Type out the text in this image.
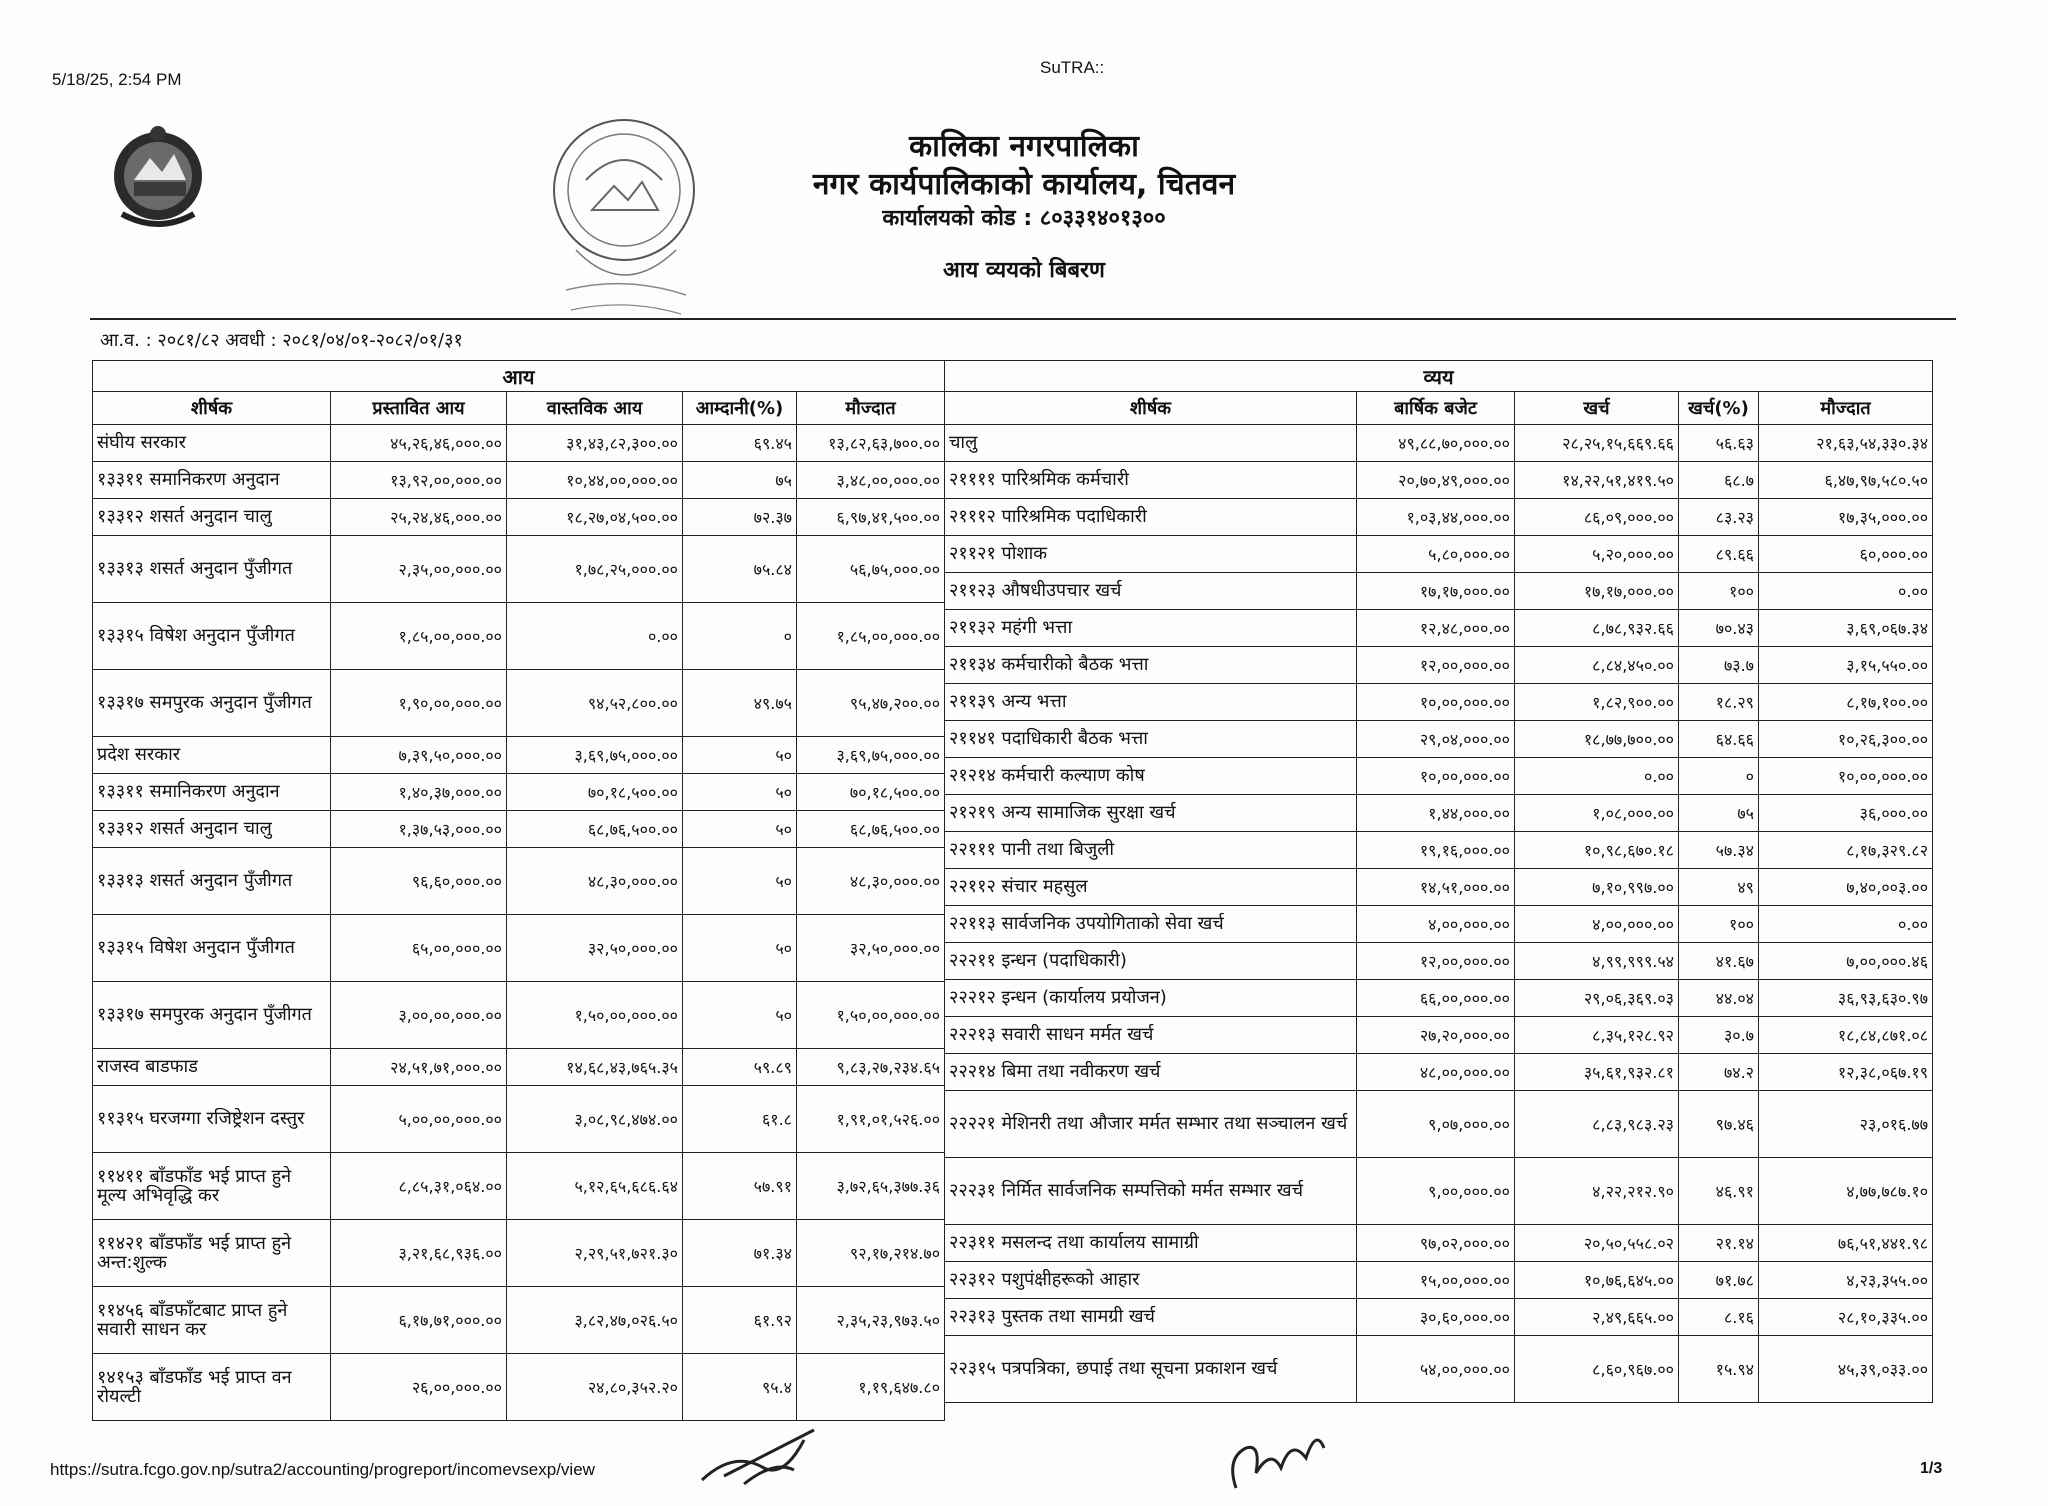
5/18/25, 2:54 PM
SuTRA::
कालिका नगरपालिका
नगर कार्यपालिकाको कार्यालय, चितवन
कार्यालयको कोड : ८०३३१४०१३००
आय व्ययको बिबरण
आ.व. : २०८१/८२ अवधी : २०८१/०४/०१-२०८२/०१/३१
आय				
शीर्षक	प्रस्तावित आय	वास्तविक आय	आम्दानी(%)	मौज्दात
संघीय सरकार	४५,२६,४६,०००.००	३१,४३,८२,३००.००	६९.४५	१३,८२,६३,७००.००
१३३११ समानिकरण अनुदान	१३,९२,००,०००.००	१०,४४,००,०००.००	७५	३,४८,००,०००.००
१३३१२ शसर्त अनुदान चालु	२५,२४,४६,०००.००	१८,२७,०४,५००.००	७२.३७	६,९७,४१,५००.००
१३३१३ शसर्त अनुदान पुँजीगत	२,३५,००,०००.००	१,७८,२५,०००.००	७५.८४	५६,७५,०००.००
१३३१५ विषेश अनुदान पुँजीगत	१,८५,००,०००.००	०.००	०	१,८५,००,०००.००
१३३१७ समपुरक अनुदान पुँजीगत	१,९०,००,०००.००	९४,५२,८००.००	४९.७५	९५,४७,२००.००
प्रदेश सरकार	७,३९,५०,०००.००	३,६९,७५,०००.००	५०	३,६९,७५,०००.००
१३३११ समानिकरण अनुदान	१,४०,३७,०००.००	७०,१८,५००.००	५०	७०,१८,५००.००
१३३१२ शसर्त अनुदान चालु	१,३७,५३,०००.००	६८,७६,५००.००	५०	६८,७६,५००.००
१३३१३ शसर्त अनुदान पुँजीगत	९६,६०,०००.००	४८,३०,०००.००	५०	४८,३०,०००.००
१३३१५ विषेश अनुदान पुँजीगत	६५,००,०००.००	३२,५०,०००.००	५०	३२,५०,०००.००
१३३१७ समपुरक अनुदान पुँजीगत	३,००,००,०००.००	१,५०,००,०००.००	५०	१,५०,००,०००.००
राजस्व बाडफाड	२४,५१,७१,०००.००	१४,६८,४३,७६५.३५	५९.८९	९,८३,२७,२३४.६५
११३१५ घरजग्गा रजिष्ट्रेशन दस्तुर	५,००,००,०००.००	३,०८,९८,४७४.००	६१.८	१,९१,०१,५२६.००
११४११ बाँडफाँड भई प्राप्त हुने मूल्य अभिवृद्धि कर	८,८५,३१,०६४.००	५,१२,६५,६८६.६४	५७.९१	३,७२,६५,३७७.३६
११४२१ बाँडफाँड भई प्राप्त हुने अन्त:शुल्क	३,२१,६८,९३६.००	२,२९,५१,७२१.३०	७१.३४	९२,१७,२१४.७०
११४५६ बाँडफाँटबाट प्राप्त हुने सवारी साधन कर	६,१७,७१,०००.००	३,८२,४७,०२६.५०	६१.९२	२,३५,२३,९७३.५०
१४१५३ बाँडफाँड भई प्राप्त वन रोयल्टी	२६,००,०००.००	२४,८०,३५२.२०	९५.४	१,१९,६४७.८०
व्यय				
शीर्षक	बार्षिक बजेट	खर्च	खर्च(%)	मौज्दात
चालु	४९,८८,७०,०००.००	२८,२५,१५,६६९.६६	५६.६३	२१,६३,५४,३३०.३४
२११११ पारिश्रमिक कर्मचारी	२०,७०,४९,०००.००	१४,२२,५१,४१९.५०	६८.७	६,४७,९७,५८०.५०
२१११२ पारिश्रमिक पदाधिकारी	१,०३,४४,०००.००	८६,०९,०००.००	८३.२३	१७,३५,०००.००
२११२१ पोशाक	५,८०,०००.००	५,२०,०००.००	८९.६६	६०,०००.००
२११२३ औषधीउपचार खर्च	१७,१७,०००.००	१७,१७,०००.००	१००	०.००
२११३२ महंगी भत्ता	१२,४८,०००.००	८,७८,९३२.६६	७०.४३	३,६९,०६७.३४
२११३४ कर्मचारीको बैठक भत्ता	१२,००,०००.००	८,८४,४५०.००	७३.७	३,१५,५५०.००
२११३९ अन्य भत्ता	१०,००,०००.००	१,८२,९००.००	१८.२९	८,१७,१००.००
२११४१ पदाधिकारी बैठक भत्ता	२९,०४,०००.००	१८,७७,७००.००	६४.६६	१०,२६,३००.००
२१२१४ कर्मचारी कल्याण कोष	१०,००,०००.००	०.००	०	१०,००,०००.००
२१२१९ अन्य सामाजिक सुरक्षा खर्च	१,४४,०००.००	१,०८,०००.००	७५	३६,०००.००
२२१११ पानी तथा बिजुली	१९,१६,०००.००	१०,९८,६७०.१८	५७.३४	८,१७,३२९.८२
२२११२ संचार महसुल	१४,५१,०००.००	७,१०,९९७.००	४९	७,४०,००३.००
२२११३ सार्वजनिक उपयोगिताको सेवा खर्च	४,००,०००.००	४,००,०००.००	१००	०.००
२२२११ इन्धन (पदाधिकारी)	१२,००,०००.००	४,९९,९९९.५४	४१.६७	७,००,०००.४६
२२२१२ इन्धन (कार्यालय प्रयोजन)	६६,००,०००.००	२९,०६,३६९.०३	४४.०४	३६,९३,६३०.९७
२२२१३ सवारी साधन मर्मत खर्च	२७,२०,०००.००	८,३५,१२८.९२	३०.७	१८,८४,८७१.०८
२२२१४ बिमा तथा नवीकरण खर्च	४८,००,०००.००	३५,६१,९३२.८१	७४.२	१२,३८,०६७.१९
२२२२१ मेशिनरी तथा औजार मर्मत सम्भार तथा सञ्चालन खर्च	९,०७,०००.००	८,८३,९८३.२३	९७.४६	२३,०१६.७७
२२२३१ निर्मित सार्वजनिक सम्पत्तिको मर्मत सम्भार खर्च	९,००,०००.००	४,२२,२१२.९०	४६.९१	४,७७,७८७.१०
२२३११ मसलन्द तथा कार्यालय सामाग्री	९७,०२,०००.००	२०,५०,५५८.०२	२१.१४	७६,५१,४४१.९८
२२३१२ पशुपंक्षीहरूको आहार	१५,००,०००.००	१०,७६,६४५.००	७१.७८	४,२३,३५५.००
२२३१३ पुस्तक तथा सामग्री खर्च	३०,६०,०००.००	२,४९,६६५.००	८.१६	२८,१०,३३५.००
२२३१५ पत्रपत्रिका, छपाई तथा सूचना प्रकाशन खर्च	५४,००,०००.००	८,६०,९६७.००	१५.९४	४५,३९,०३३.००
https://sutra.fcgo.gov.np/sutra2/accounting/progreport/incomevsexp/view	1/3
